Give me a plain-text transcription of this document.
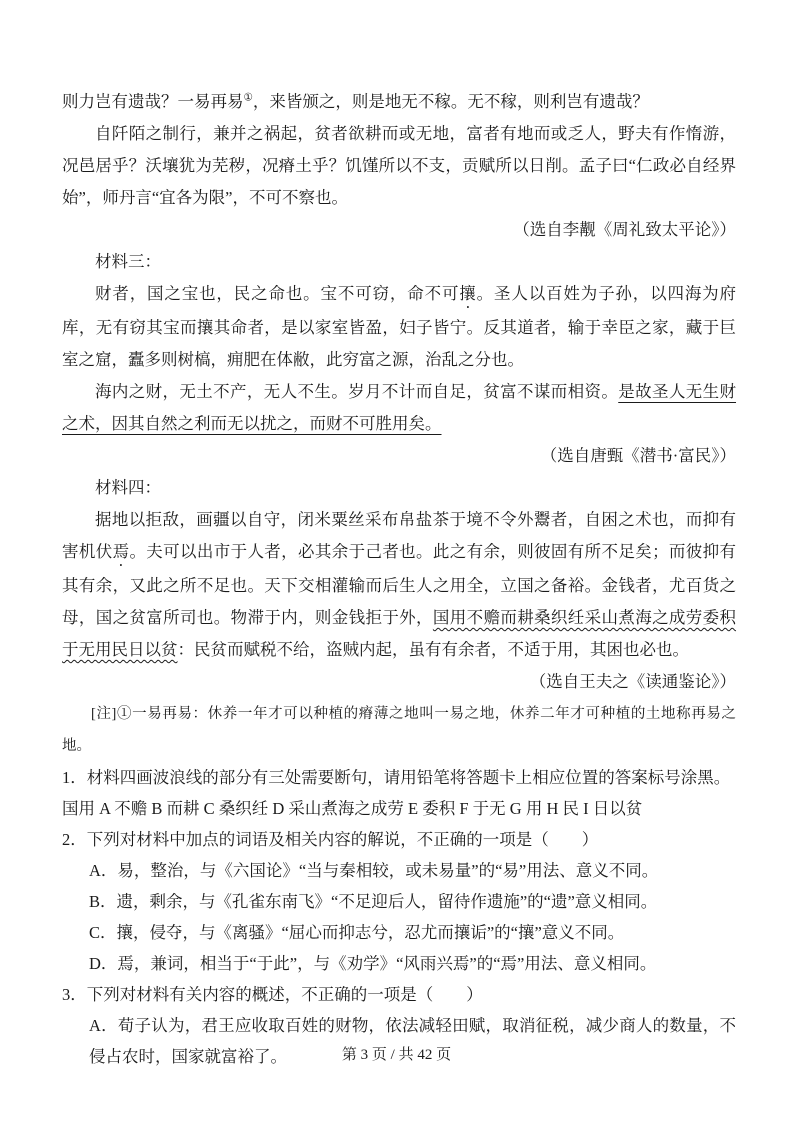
则力岂有遗哉？一易再易①，来皆颁之，则是地无不稼。无不稼，则利岂有遗哉？

自阡陌之制行，兼并之祸起，贫者欲耕而或无地，富者有地而或乏人，野夫有作惰游，况邑居乎？沃壤犹为芜秽，况瘠土乎？饥馑所以不支，贡赋所以日削。孟子曰“仁政必自经界始”，师丹言“宜各为限”，不可不察也。

（选自李觏《周礼致太平论》）

材料三：

财者，国之宝也，民之命也。宝不可窃，命不可攘。圣人以百姓为子孙，以四海为府库，无有窃其宝而攘其命者，是以家室皆盈，妇子皆宁。反其道者，输于幸臣之家，藏于巨室之窟，蠹多则树槁，痈肥在体敝，此穷富之源，治乱之分也。

海内之财，无土不产，无人不生。岁月不计而自足，贫富不谋而相资。是故圣人无生财之术，因其自然之利而无以扰之，而财不可胜用矣。

（选自唐甄《潜书·富民》）

材料四：

据地以拒敌，画疆以自守，闭米粟丝采布帛盐茶于境不令外鬻者，自困之术也，而抑有害机伏焉。夫可以出市于人者，必其余于己者也。此之有余，则彼固有所不足矣；而彼抑有其有余，又此之所不足也。天下交相灌输而后生人之用全，立国之备裕。金钱者，尤百货之母，国之贫富所司也。物滞于内，则金钱拒于外，国用不赡而耕桑织纴采山煮海之成劳委积于无用民日以贫：民贫而赋税不给，盗贼内起，虽有有余者，不适于用，其困也必也。

（选自王夫之《读通鉴论》）

[注]①一易再易：休养一年才可以种植的瘠薄之地叫一易之地，休养二年才可种植的土地称再易之地。

1．材料四画波浪线的部分有三处需要断句，请用铅笔将答题卡上相应位置的答案标号涂黑。

国用 A 不赡 B 而耕 C 桑织纴 D 采山煮海之成劳 E 委积 F 于无 G 用 H 民 I 日以贫

2．下列对材料中加点的词语及相关内容的解说，不正确的一项是（　　）

A．易，整治，与《六国论》“当与秦相较，或未易量”的“易”用法、意义不同。

B．遗，剩余，与《孔雀东南飞》“不足迎后人，留待作遗施”的“遗”意义相同。

C．攘，侵夺，与《离骚》“屈心而抑志兮，忍尤而攘诟”的“攘”意义不同。

D．焉，兼词，相当于“于此”，与《劝学》“风雨兴焉”的“焉”用法、意义相同。

3．下列对材料有关内容的概述，不正确的一项是（　　）

A．荀子认为，君王应收取百姓的财物，依法减轻田赋，取消征税，减少商人的数量，不侵占农时，国家就富裕了。	第 3 页 / 共 42 页
